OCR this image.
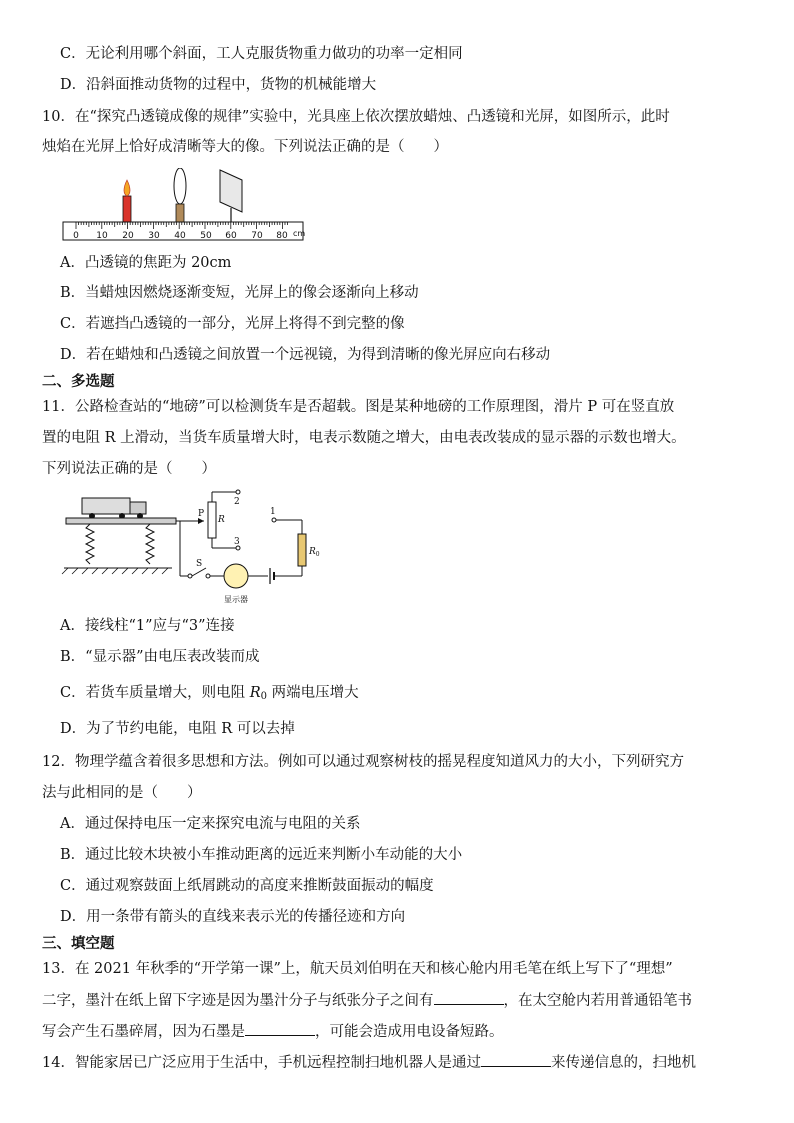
C．无论利用哪个斜面，工人克服货物重力做功的功率一定相同
D．沿斜面推动货物的过程中，货物的机械能增大
10．在“探究凸透镜成像的规律”实验中，光具座上依次摆放蜡烛、凸透镜和光屏，如图所示，此时
烛焰在光屏上恰好成清晰等大的像。下列说法正确的是（　　）
0 10 20 30 40 50 60 70 80 cm
A．凸透镜的焦距为 20cm
B．当蜡烛因燃烧逐渐变短，光屏上的像会逐渐向上移动
C．若遮挡凸透镜的一部分，光屏上将得不到完整的像
D．若在蜡烛和凸透镜之间放置一个远视镜，为得到清晰的像光屏应向右移动
二、多选题
11．公路检查站的“地磅”可以检测货车是否超载。图是某种地磅的工作原理图，滑片 P 可在竖直放
置的电阻 R 上滑动，当货车质量增大时，电表示数随之增大，由电表改装成的显示器的示数也增大。
下列说法正确的是（　　）
P
R
2
3
1
S
$R_0$
显示器
A．接线柱“1”应与“3”连接
B．“显示器”由电压表改装而成
C．若货车质量增大，则电阻 $R_0$ 两端电压增大
D．为了节约电能，电阻 R 可以去掉
12．物理学蕴含着很多思想和方法。例如可以通过观察树枝的摇晃程度知道风力的大小，下列研究方
法与此相同的是（　　）
A．通过保持电压一定来探究电流与电阻的关系
B．通过比较木块被小车推动距离的远近来判断小车动能的大小
C．通过观察鼓面上纸屑跳动的高度来推断鼓面振动的幅度
D．用一条带有箭头的直线来表示光的传播径迹和方向
三、填空题
13．在 2021 年秋季的“开学第一课”上，航天员刘伯明在天和核心舱内用毛笔在纸上写下了“理想”
二字，墨汁在纸上留下字迹是因为墨汁分子与纸张分子之间有	，在太空舱内若用普通铅笔书
写会产生石墨碎屑，因为石墨是	，可能会造成用电设备短路。
14．智能家居已广泛应用于生活中，手机远程控制扫地机器人是通过	来传递信息的，扫地机
